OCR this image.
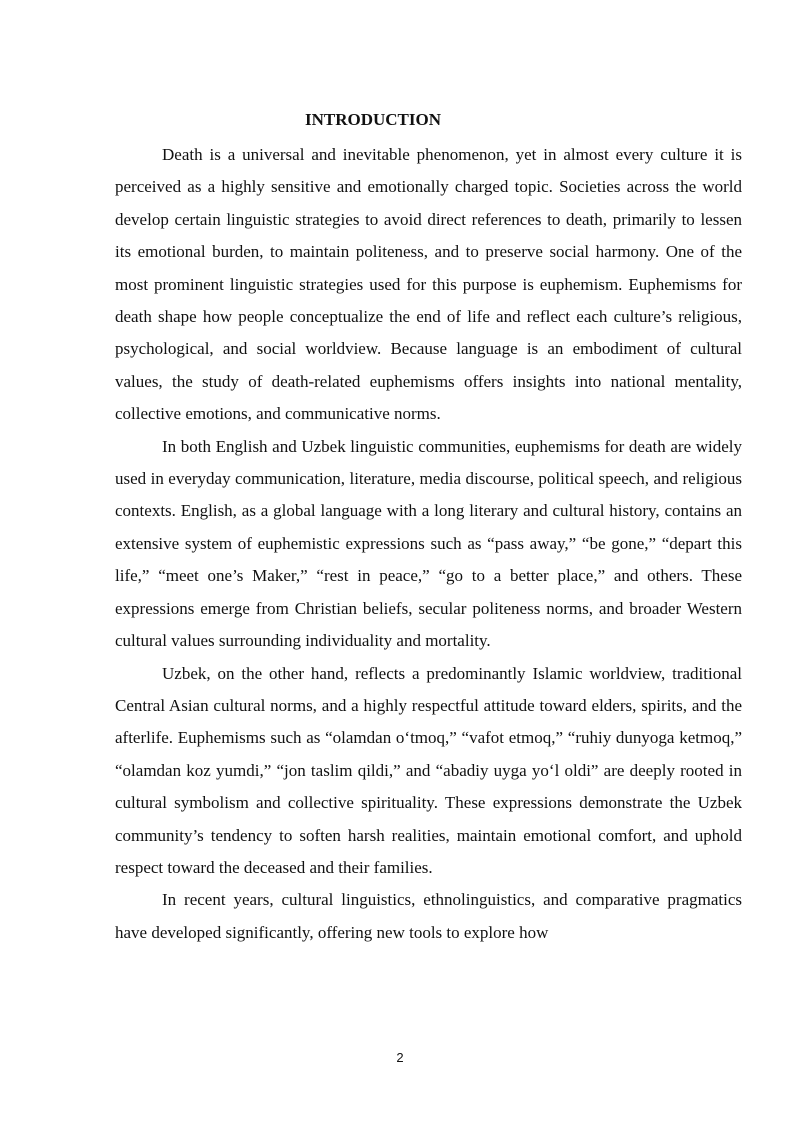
INTRODUCTION

Death is a universal and inevitable phenomenon, yet in almost every culture it is perceived as a highly sensitive and emotionally charged topic. Societies across the world develop certain linguistic strategies to avoid direct references to death, primarily to lessen its emotional burden, to maintain politeness, and to preserve social harmony. One of the most prominent linguistic strategies used for this purpose is euphemism. Euphemisms for death shape how people conceptualize the end of life and reflect each culture’s religious, psychological, and social worldview. Because language is an embodiment of cultural values, the study of death-related euphemisms offers insights into national mentality, collective emotions, and communicative norms.

In both English and Uzbek linguistic communities, euphemisms for death are widely used in everyday communication, literature, media discourse, political speech, and religious contexts. English, as a global language with a long literary and cultural history, contains an extensive system of euphemistic expressions such as “pass away,” “be gone,” “depart this life,” “meet one’s Maker,” “rest in peace,” “go to a better place,” and others. These expressions emerge from Christian beliefs, secular politeness norms, and broader Western cultural values surrounding individuality and mortality.

Uzbek, on the other hand, reflects a predominantly Islamic worldview, traditional Central Asian cultural norms, and a highly respectful attitude toward elders, spirits, and the afterlife. Euphemisms such as “olamdan o‘tmoq,” “vafot etmoq,” “ruhiy dunyoga ketmoq,” “olamdan koz yumdi,” “jon taslim qildi,” and “abadiy uyga yo‘l oldi” are deeply rooted in cultural symbolism and collective spirituality. These expressions demonstrate the Uzbek community’s tendency to soften harsh realities, maintain emotional comfort, and uphold respect toward the deceased and their families.

In recent years, cultural linguistics, ethnolinguistics, and comparative pragmatics have developed significantly, offering new tools to explore how

2
